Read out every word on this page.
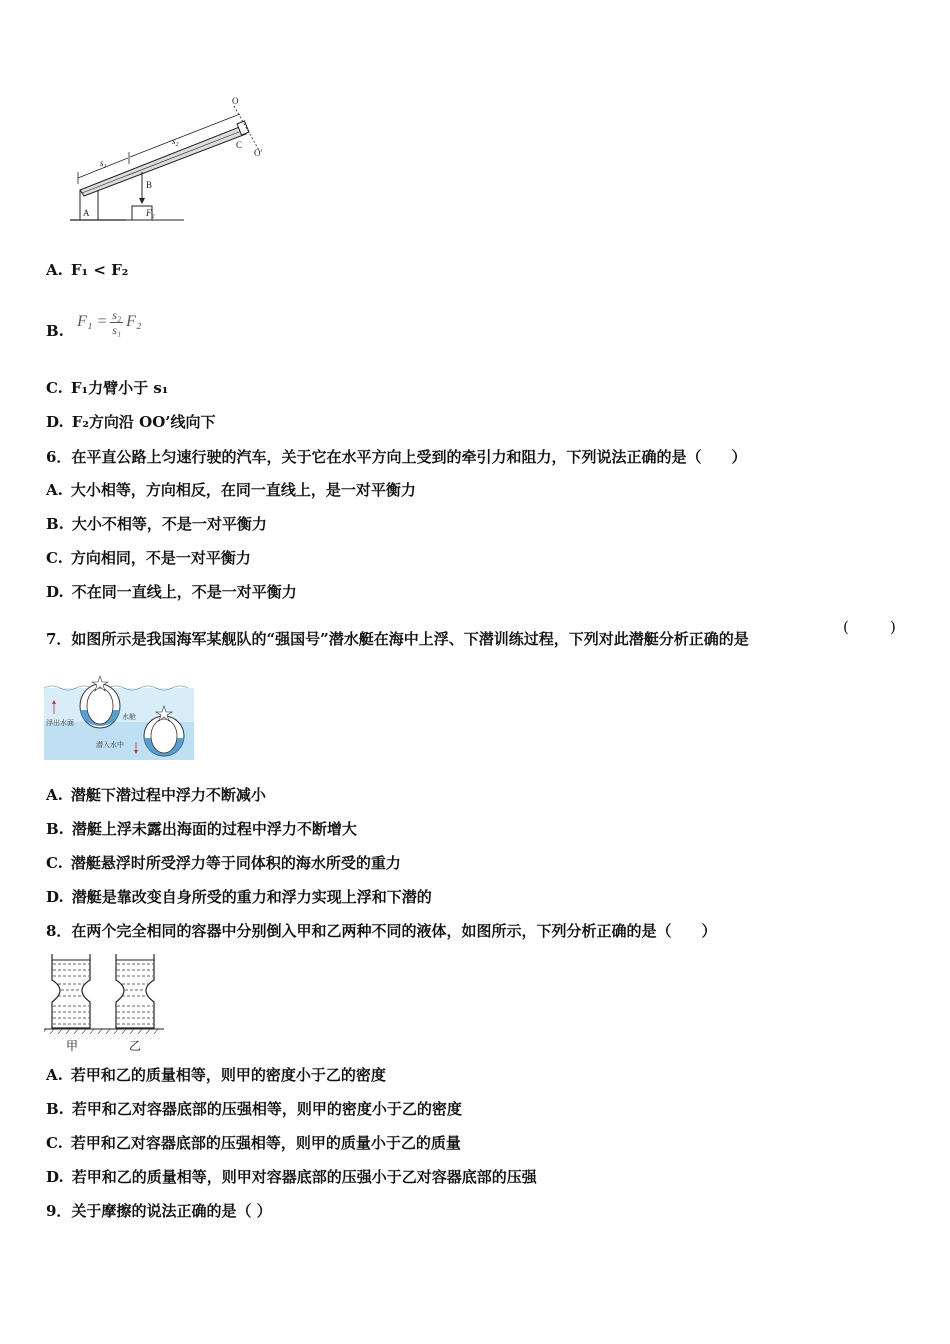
O
O'
C
A
B
$s_1$
$s_2$
$F_2$
A. F₁ < F₂
B. $F_1 = \frac{\text{s₂}}{\text{s₁}} F_2$
C. F₁力臂小于 s₁
D. F₂方向沿 OO’线向下
6．在平直公路上匀速行驶的汽车，关于它在水平方向上受到的牵引力和阻力，下列说法正确的是（　　）
A. 大小相等，方向相反，在同一直线上，是一对平衡力
B. 大小不相等，不是一对平衡力
C. 方向相同，不是一对平衡力
D. 不在同一直线上，不是一对平衡力
7．如图所示是我国海军某舰队的“强国号”潜水艇在海中上浮、下潜训练过程，下列对此潜艇分析正确的是
(	)
浮出水面
水舱
潜入水中
A. 潜艇下潜过程中浮力不断减小
B. 潜艇上浮未露出海面的过程中浮力不断增大
C. 潜艇悬浮时所受浮力等于同体积的海水所受的重力
D. 潜艇是靠改变自身所受的重力和浮力实现上浮和下潜的
8．在两个完全相同的容器中分别倒入甲和乙两种不同的液体，如图所示，下列分析正确的是（　　）
甲	乙
A. 若甲和乙的质量相等，则甲的密度小于乙的密度
B. 若甲和乙对容器底部的压强相等，则甲的密度小于乙的密度
C. 若甲和乙对容器底部的压强相等，则甲的质量小于乙的质量
D. 若甲和乙的质量相等，则甲对容器底部的压强小于乙对容器底部的压强
9．关于摩擦的说法正确的是（ ）
